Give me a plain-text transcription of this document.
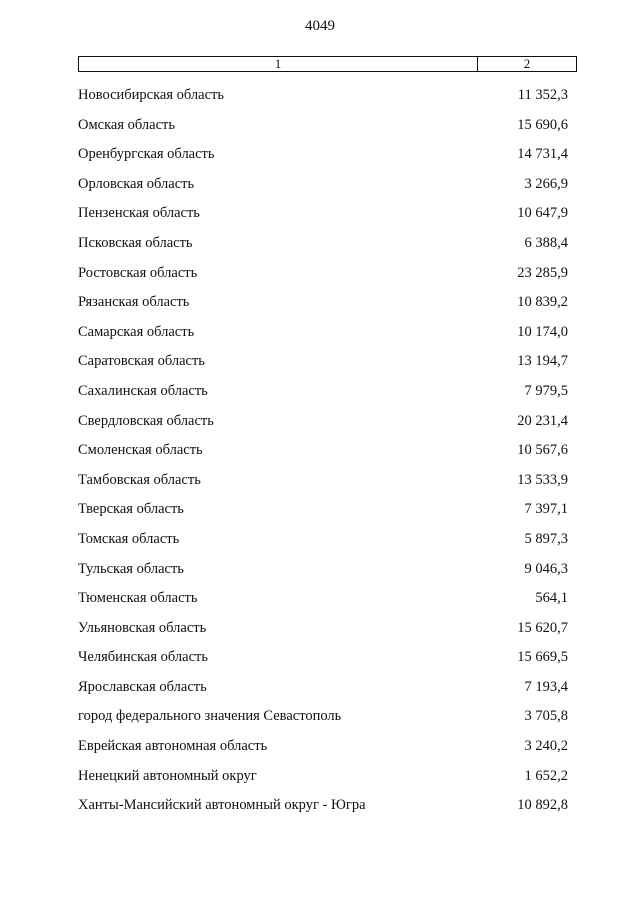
4049
1	2
Новосибирская область	11 352,3
Омская область	15 690,6
Оренбургская область	14 731,4
Орловская область	3 266,9
Пензенская область	10 647,9
Псковская область	6 388,4
Ростовская область	23 285,9
Рязанская область	10 839,2
Самарская область	10 174,0
Саратовская область	13 194,7
Сахалинская область	7 979,5
Свердловская область	20 231,4
Смоленская область	10 567,6
Тамбовская область	13 533,9
Тверская область	7 397,1
Томская область	5 897,3
Тульская область	9 046,3
Тюменская область	564,1
Ульяновская область	15 620,7
Челябинская область	15 669,5
Ярославская область	7 193,4
город федерального значения Севастополь	3 705,8
Еврейская автономная область	3 240,2
Ненецкий автономный округ	1 652,2
Ханты-Мансийский автономный округ - Югра	10 892,8
